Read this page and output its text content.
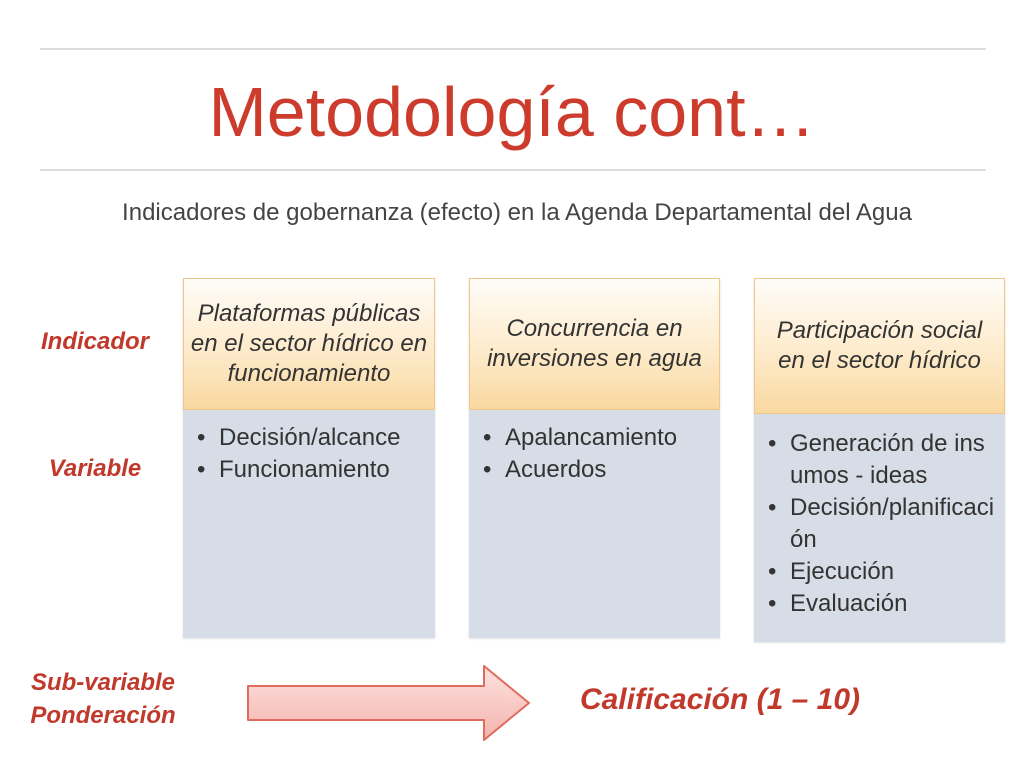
Metodología cont…
Indicadores de gobernanza (efecto) en la Agenda Departamental del Agua
Indicador
Variable
Sub-variable
Ponderación
Plataformas públicas en el sector hídrico en funcionamiento
• Decisión/alcance
• Funcionamiento
Concurrencia en inversiones en agua
• Apalancamiento
• Acuerdos
Participación social en el sector hídrico
• Generación de insumos - ideas
• Decisión/planificación
• Ejecución
• Evaluación
Calificación (1 – 10)
